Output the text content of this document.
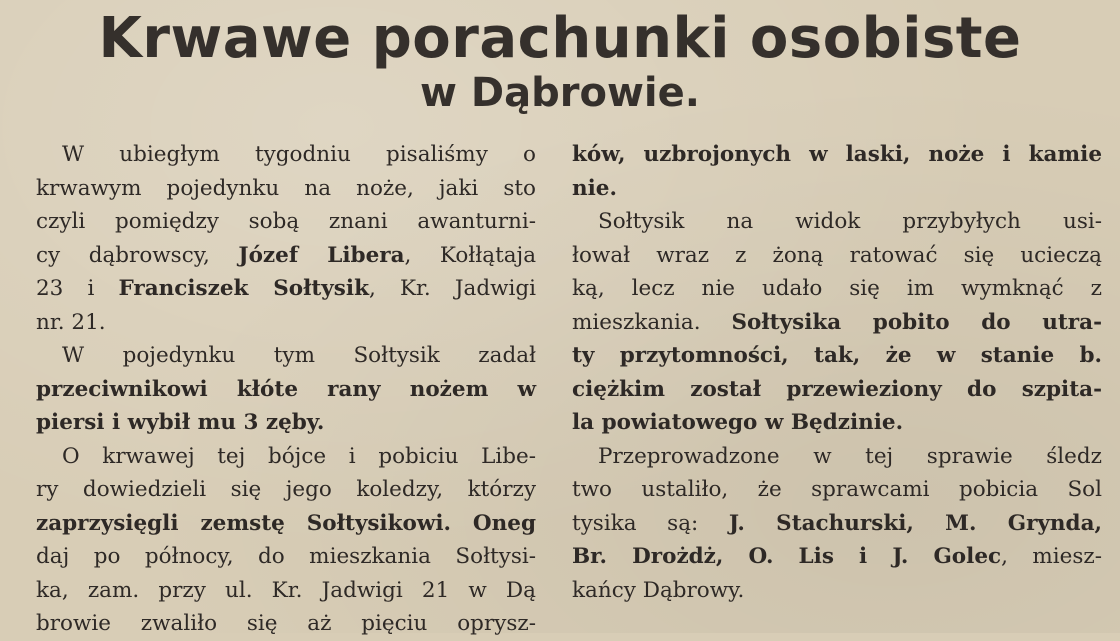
Krwawe porachunki osobiste
w Dąbrowie.
W ubiegłym tygodniu pisaliśmy o
krwawym pojedynku na noże, jaki sto
czyli pomiędzy sobą znani awanturni-
cy dąbrowscy, Józef Libera, Kołłątaja
23 i Franciszek Sołtysik, Kr. Jadwigi
nr. 21.
W pojedynku tym Sołtysik zadał
przeciwnikowi kłóte rany nożem w
piersi i wybił mu 3 zęby.
O krwawej tej bójce i pobiciu Libe-
ry dowiedzieli się jego koledzy, którzy
zaprzysięgli zemstę Sołtysikowi. Oneg
daj po północy, do mieszkania Sołtysi-
ka, zam. przy ul. Kr. Jadwigi 21 w Dą
browie zwaliło się aż pięciu oprysz-
ków, uzbrojonych w laski, noże i kamie
nie.
Sołtysik na widok przybyłych usi-
łował wraz z żoną ratować się ucieczą
ką, lecz nie udało się im wymknąć z
mieszkania. Sołtysika pobito do utra-
ty przytomności, tak, że w stanie b.
ciężkim został przewieziony do szpita-
la powiatowego w Będzinie.
Przeprowadzone w tej sprawie śledz
two ustaliło, że sprawcami pobicia Sol
tysika są: J. Stachurski, M. Grynda,
Br. Drożdż, O. Lis i J. Golec, miesz-
kańcy Dąbrowy.
